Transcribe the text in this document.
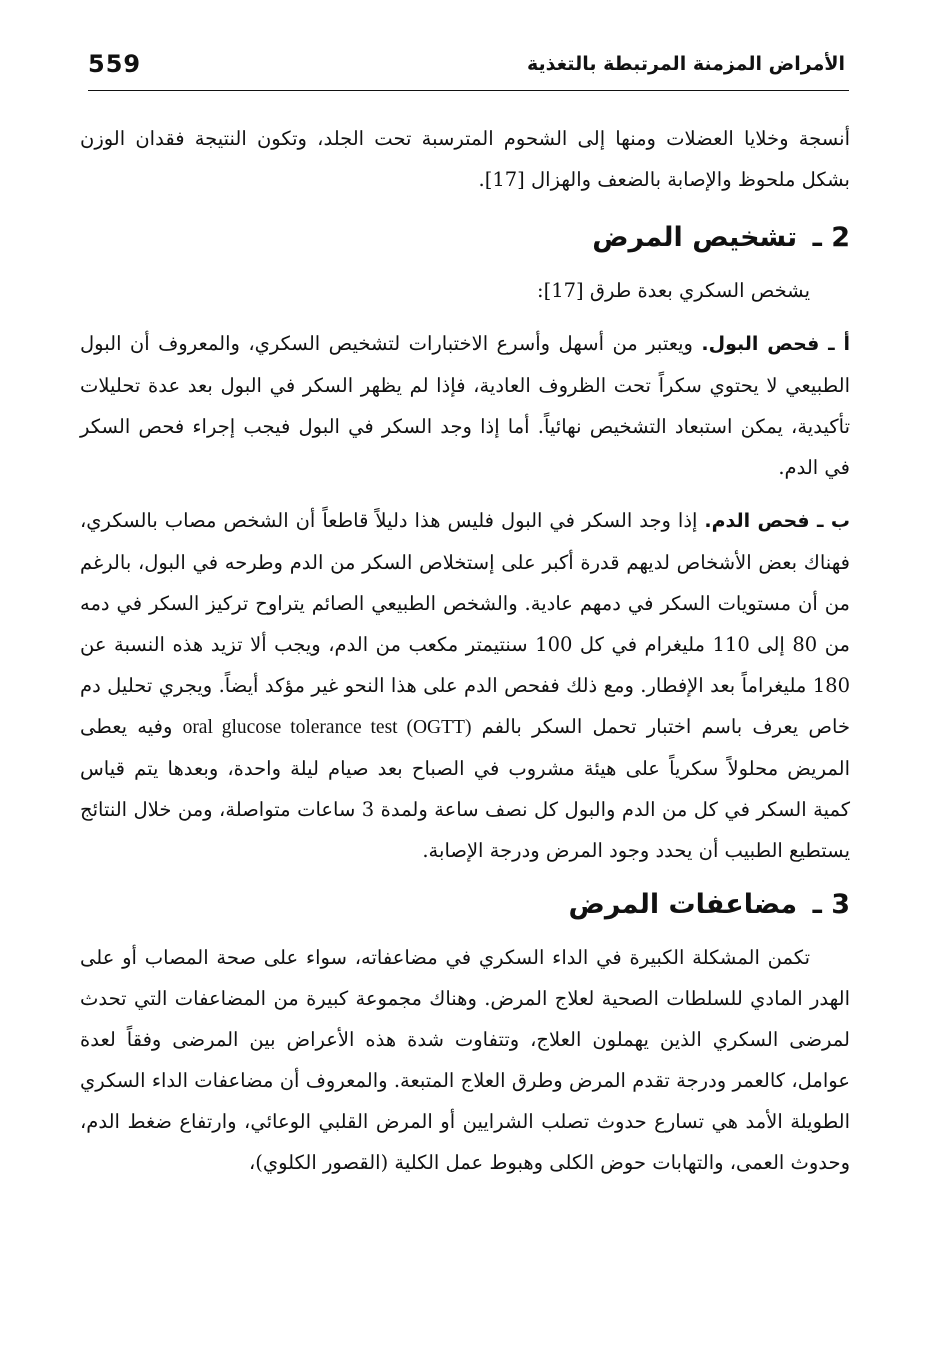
559	الأمراض المزمنة المرتبطة بالتغذية

أنسجة وخلايا العضلات ومنها إلى الشحوم المترسبة تحت الجلد، وتكون النتيجة فقدان الوزن بشكل ملحوظ والإصابة بالضعف والهزال [17].

2 ـ تشخيص المرض

يشخص السكري بعدة طرق [17]:

أ ـ فحص البول. ويعتبر من أسهل وأسرع الاختبارات لتشخيص السكري، والمعروف أن البول الطبيعي لا يحتوي سكراً تحت الظروف العادية، فإذا لم يظهر السكر في البول بعد عدة تحليلات تأكيدية، يمكن استبعاد التشخيص نهائياً. أما إذا وجد السكر في البول فيجب إجراء فحص السكر في الدم.

ب ـ فحص الدم. إذا وجد السكر في البول فليس هذا دليلاً قاطعاً أن الشخص مصاب بالسكري، فهناك بعض الأشخاص لديهم قدرة أكبر على إستخلاص السكر من الدم وطرحه في البول، بالرغم من أن مستويات السكر في دمهم عادية. والشخص الطبيعي الصائم يتراوح تركيز السكر في دمه من 80 إلى 110 مليغرام في كل 100 سنتيمتر مكعب من الدم، ويجب ألا تزيد هذه النسبة عن 180 مليغراماً بعد الإفطار. ومع ذلك ففحص الدم على هذا النحو غير مؤكد أيضاً. ويجري تحليل دم خاص يعرف باسم اختبار تحمل السكر بالفم oral glucose tolerance test (OGTT) وفيه يعطى المريض محلولاً سكرياً على هيئة مشروب في الصباح بعد صيام ليلة واحدة، وبعدها يتم قياس كمية السكر في كل من الدم والبول كل نصف ساعة ولمدة 3 ساعات متواصلة، ومن خلال النتائج يستطيع الطبيب أن يحدد وجود المرض ودرجة الإصابة.

3 ـ مضاعفات المرض

تكمن المشكلة الكبيرة في الداء السكري في مضاعفاته، سواء على صحة المصاب أو على الهدر المادي للسلطات الصحية لعلاج المرض. وهناك مجموعة كبيرة من المضاعفات التي تحدث لمرضى السكري الذين يهملون العلاج، وتتفاوت شدة هذه الأعراض بين المرضى وفقاً لعدة عوامل، كالعمر ودرجة تقدم المرض وطرق العلاج المتبعة. والمعروف أن مضاعفات الداء السكري الطويلة الأمد هي تسارع حدوث تصلب الشرايين أو المرض القلبي الوعائي، وارتفاع ضغط الدم، وحدوث العمى، والتهابات حوض الكلى وهبوط عمل الكلية (القصور الكلوي)،
